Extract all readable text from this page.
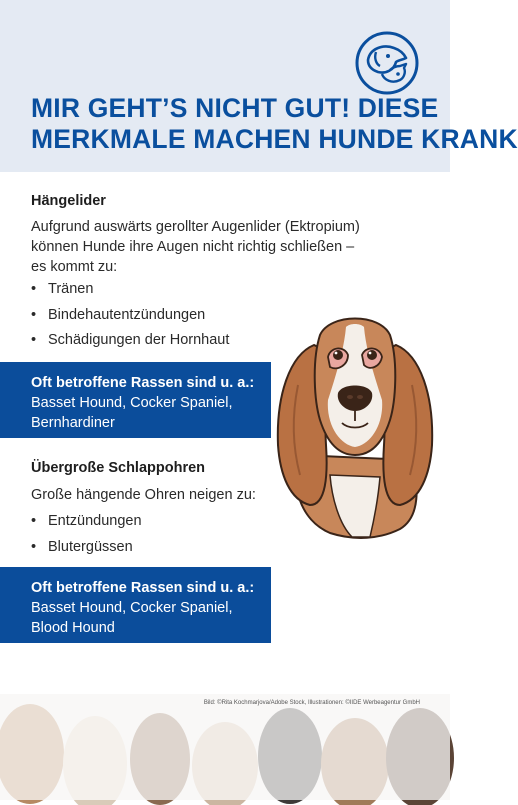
MIR GEHT’S NICHT GUT! DIESE
MERKMALE MACHEN HUNDE KRANK
Hängelider

Aufgrund auswärts gerollter Augenlider (Ektropium)
können Hunde ihre Augen nicht richtig schließen –
es kommt zu:

• Tränen
• Bindehautentzündungen
• Schädigungen der Hornhaut
Oft betroffene Rassen sind u. a.:
Basset Hound, Cocker Spaniel,
Bernhardiner
Übergroße Schlappohren

Große hängende Ohren neigen zu:

• Entzündungen
• Blutergüssen
Oft betroffene Rassen sind u. a.:
Basset Hound, Cocker Spaniel,
Blood Hound
Bild: ©Rita Kochmarjova/Adobe Stock, Illustrationen: ©IIDE Werbeagentur GmbH
